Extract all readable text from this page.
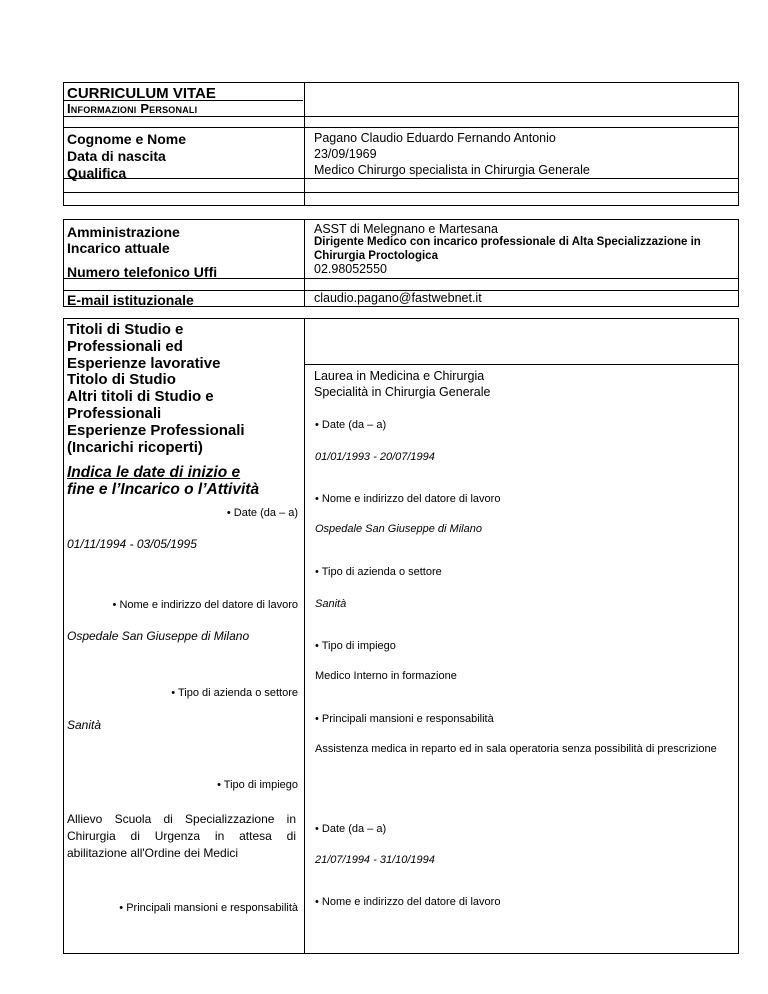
CURRICULUM VITAE
Informazioni Personali
Cognome e Nome
Data di nascita
Qualifica
Pagano Claudio Eduardo Fernando Antonio
23/09/1969
Medico Chirurgo specialista in Chirurgia Generale
Amministrazione
Incarico attuale
Numero telefonico Uffi
E-mail istituzionale
ASST di Melegnano e Martesana
Dirigente Medico con incarico professionale di Alta Specializzazione in
Chirurgia Proctologica
02.98052550
claudio.pagano@fastwebnet.it
Titoli di Studio e
Professionali ed
Esperienze lavorative
Titolo di Studio
Altri titoli di Studio e
Professionali
Esperienze Professionali
(Incarichi ricoperti)
Indica le date di inizio e
fine e l’Incarico o l’Attività
• Date (da – a)
01/11/1994 - 03/05/1995
• Nome e indirizzo del datore di lavoro
Ospedale San Giuseppe di Milano
• Tipo di azienda o settore
Sanità
• Tipo di impiego
Allievo Scuola di Specializzazione in Chirurgia di Urgenza in attesa di abilitazione all'Ordine dei Medici
• Principali mansioni e responsabilità
Laurea in Medicina e Chirurgia
Specialità in Chirurgia Generale
• Date (da – a)
01/01/1993 - 20/07/1994
• Nome e indirizzo del datore di lavoro
Ospedale San Giuseppe di Milano
• Tipo di azienda o settore
Sanità
• Tipo di impiego
Medico Interno in formazione
• Principali mansioni e responsabilità
Assistenza medica in reparto ed in sala operatoria senza possibilità di prescrizione
• Date (da – a)
21/07/1994 - 31/10/1994
• Nome e indirizzo del datore di lavoro
